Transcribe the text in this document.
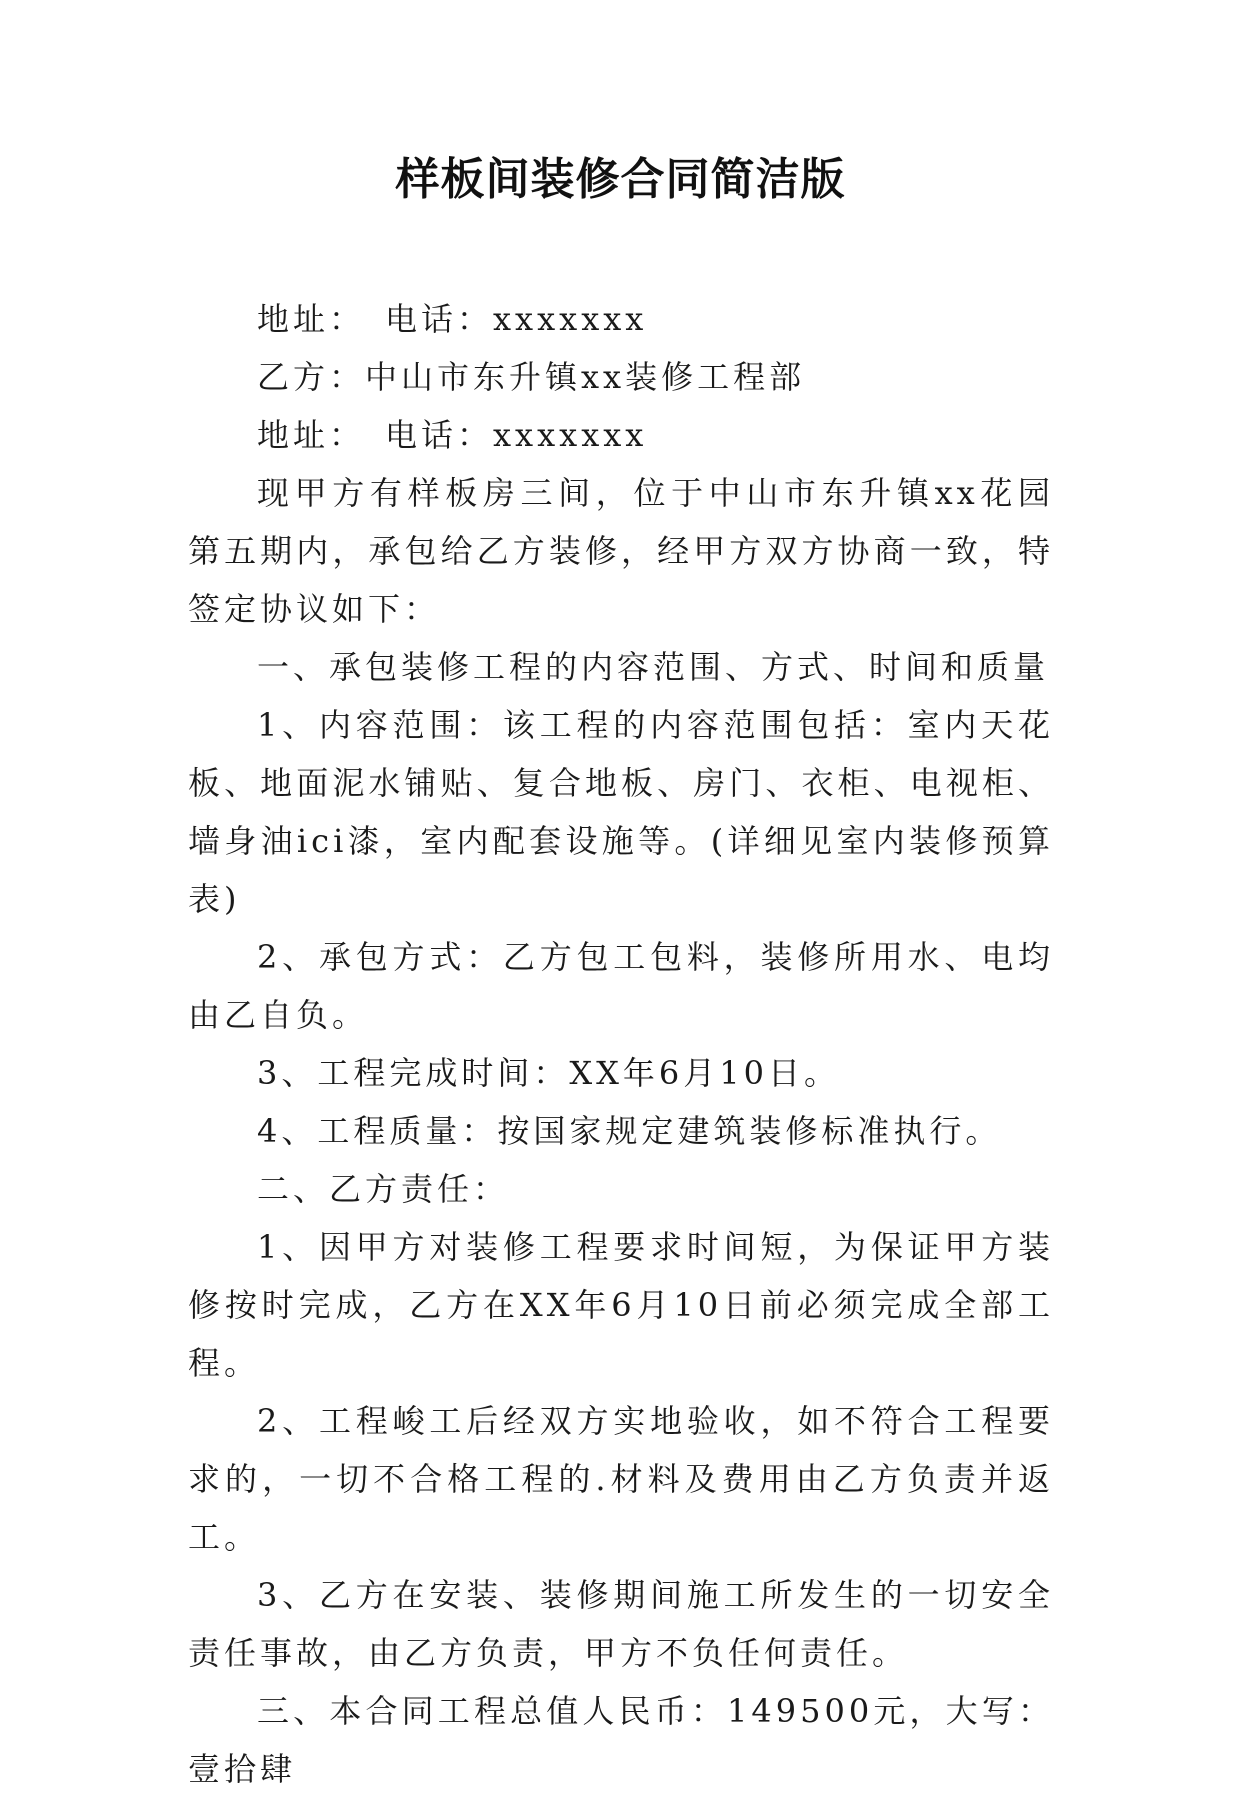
样板间装修合同简洁版

地址：　电话：xxxxxxx

乙方：中山市东升镇xx装修工程部

地址：　电话：xxxxxxx

现甲方有样板房三间，位于中山市东升镇xx花园第五期内，承包给乙方装修，经甲方双方协商一致，特签定协议如下：

一、承包装修工程的内容范围、方式、时间和质量

1、内容范围：该工程的内容范围包括：室内天花板、地面泥水铺贴、复合地板、房门、衣柜、电视柜、墙身油ici漆，室内配套设施等。(详细见室内装修预算表)

2、承包方式：乙方包工包料，装修所用水、电均由乙自负。

3、工程完成时间：XX年6月10日。

4、工程质量：按国家规定建筑装修标准执行。

二、乙方责任：

1、因甲方对装修工程要求时间短，为保证甲方装修按时完成，乙方在XX年6月10日前必须完成全部工程。

2、工程峻工后经双方实地验收，如不符合工程要求的，一切不合格工程的.材料及费用由乙方负责并返工。

3、乙方在安装、装修期间施工所发生的一切安全责任事故，由乙方负责，甲方不负任何责任。

三、本合同工程总值人民币：149500元，大写：壹拾肆
